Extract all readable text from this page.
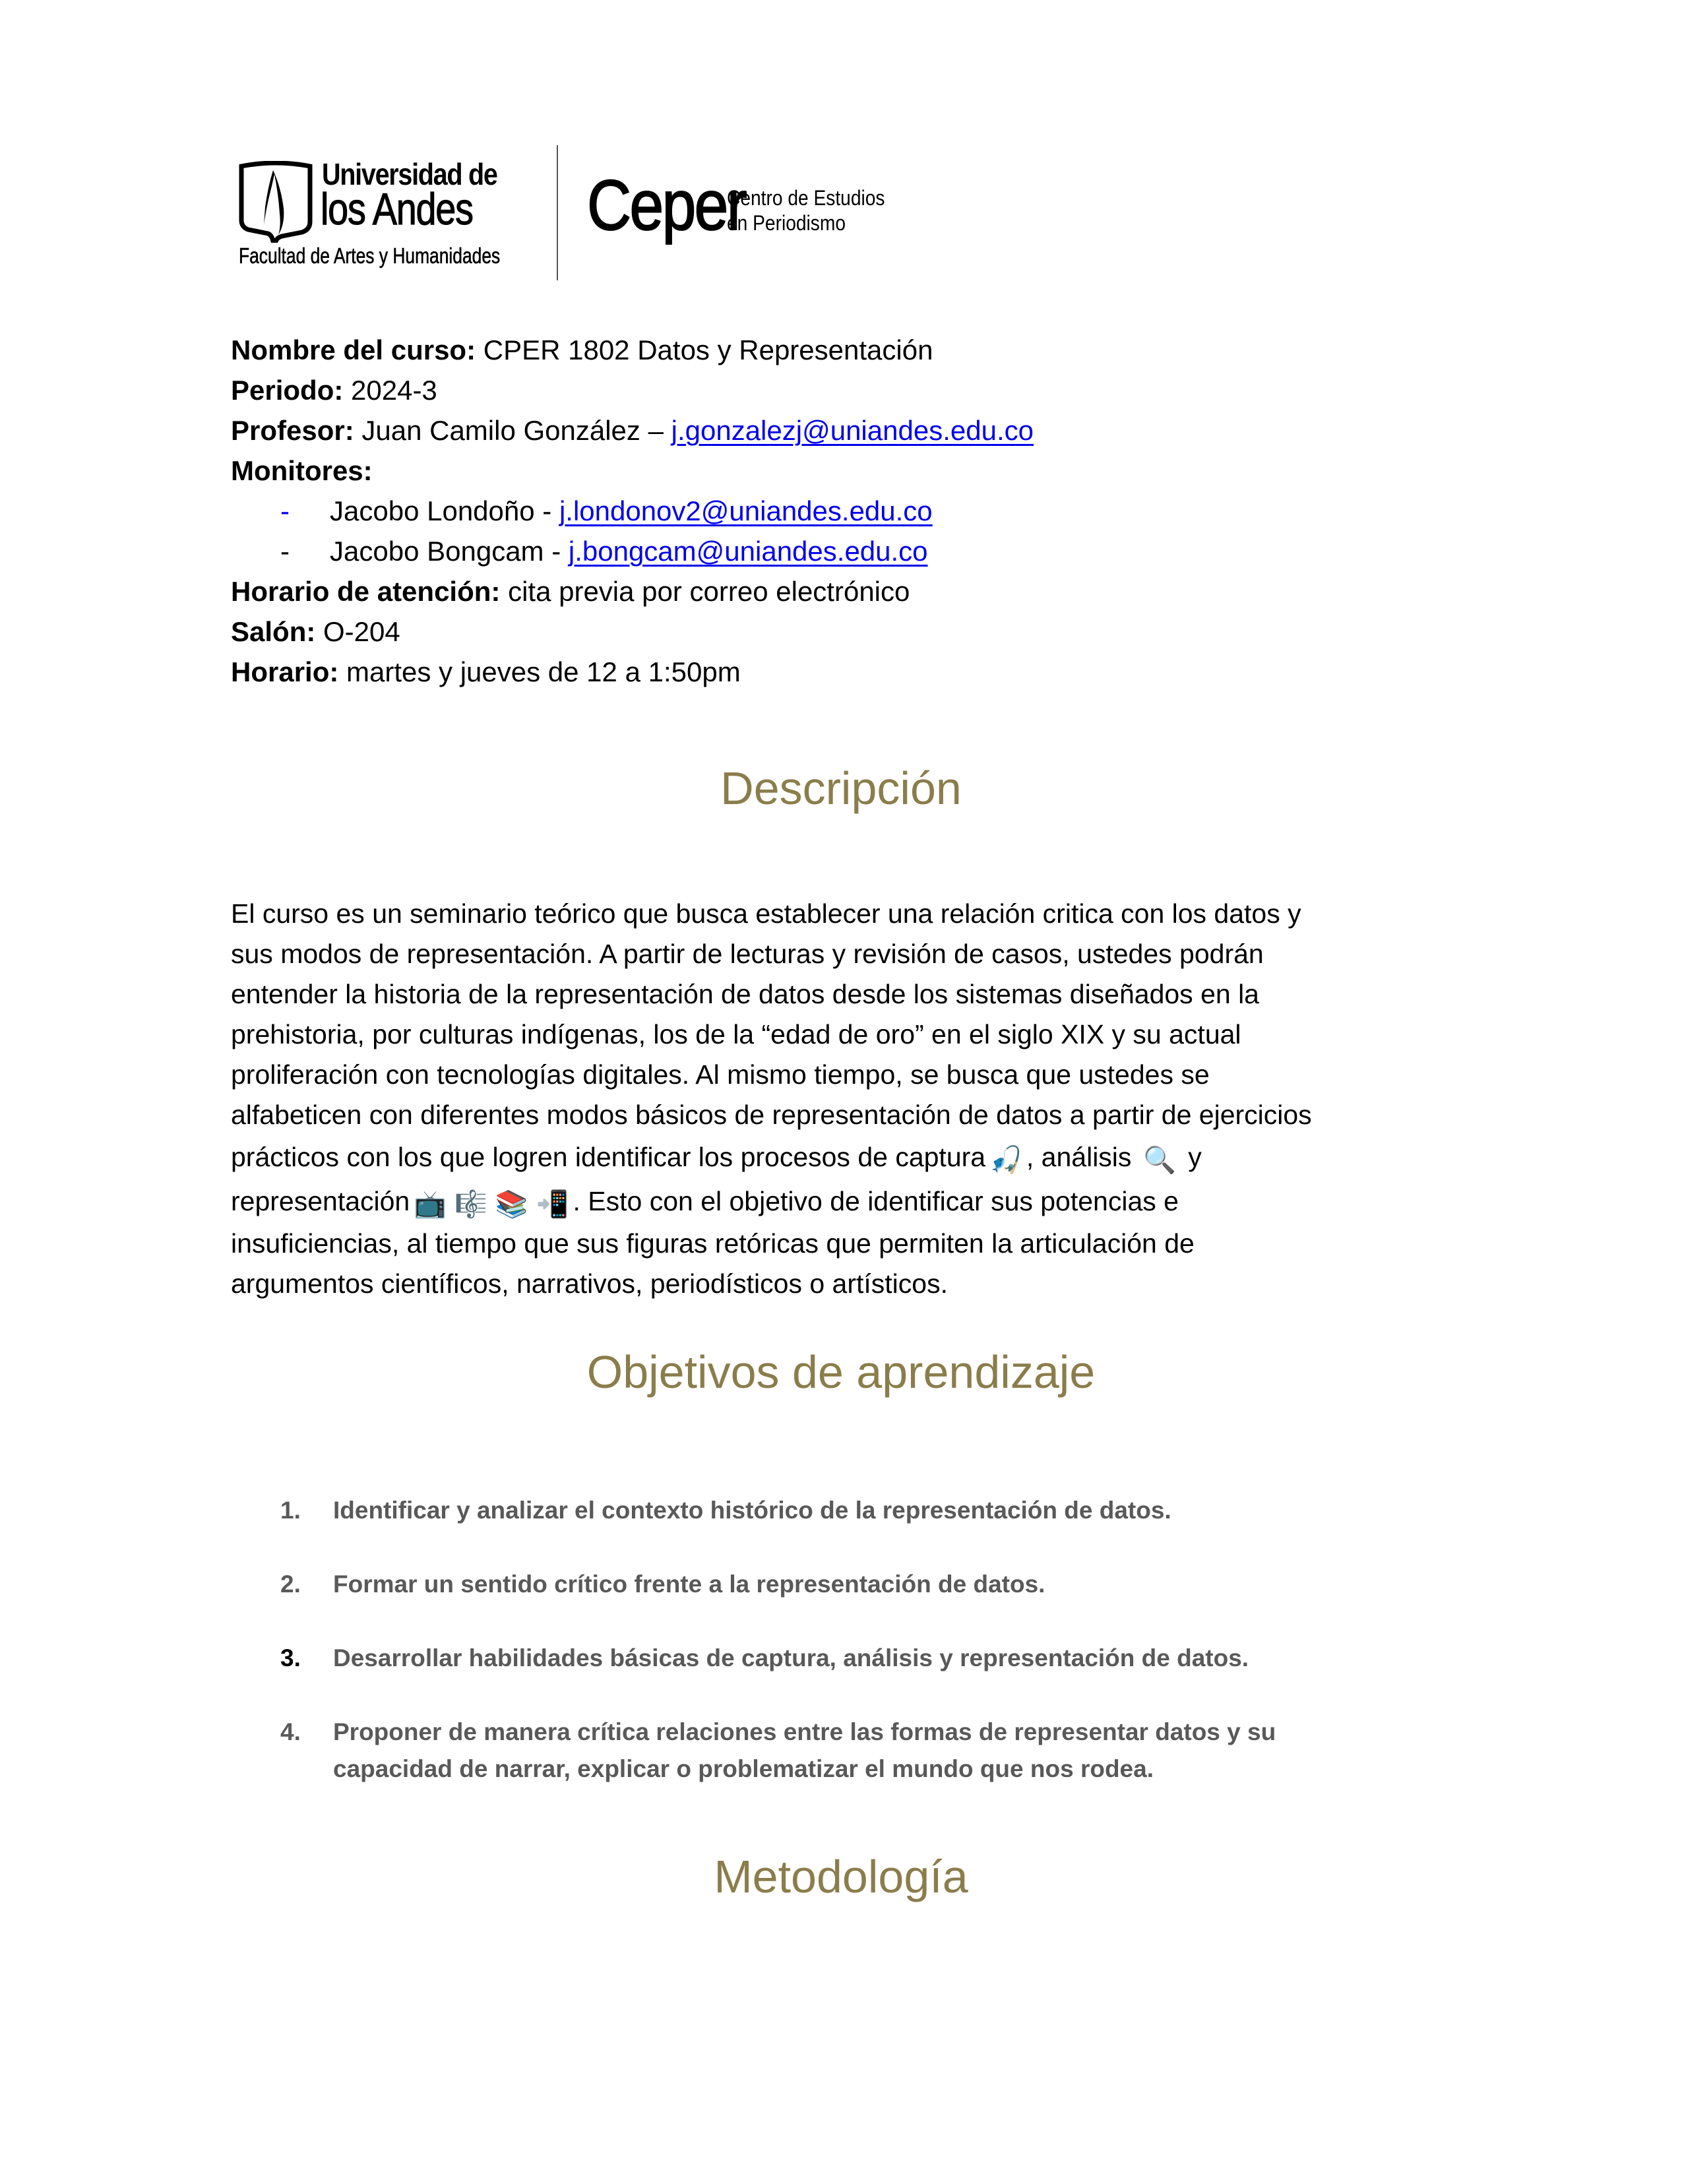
Universidad de
los Andes
Facultad de Artes y Humanidades
Ceper
Centro de Estudios
en Periodismo
Nombre del curso: CPER 1802 Datos y Representación
Periodo: 2024-3
Profesor: Juan Camilo González – j.gonzalezj@uniandes.edu.co
Monitores:
-	Jacobo Londoño - j.londonov2@uniandes.edu.co
-	Jacobo Bongcam - j.bongcam@uniandes.edu.co
Horario de atención: cita previa por correo electrónico
Salón: O-204
Horario: martes y jueves de 12 a 1:50pm
Descripción
El curso es un seminario teórico que busca establecer una relación critica con los datos y
sus modos de representación. A partir de lecturas y revisión de casos, ustedes podrán
entender la historia de la representación de datos desde los sistemas diseñados en la
prehistoria, por culturas indígenas, los de la “edad de oro” en el siglo XIX y su actual
proliferación con tecnologías digitales. Al mismo tiempo, se busca que ustedes se
alfabeticen con diferentes modos básicos de representación de datos a partir de ejercicios
prácticos con los que logren identificar los procesos de captura 🎣 , análisis 🔍 y
representación 📺 🎼 📚 📲 . Esto con el objetivo de identificar sus potencias e
insuficiencias, al tiempo que sus figuras retóricas que permiten la articulación de
argumentos científicos, narrativos, periodísticos o artísticos.
Objetivos de aprendizaje
1. Identificar y analizar el contexto histórico de la representación de datos.
2. Formar un sentido crítico frente a la representación de datos.
3. Desarrollar habilidades básicas de captura, análisis y representación de datos.
4. Proponer de manera crítica relaciones entre las formas de representar datos y su
capacidad de narrar, explicar o problematizar el mundo que nos rodea.
Metodología
